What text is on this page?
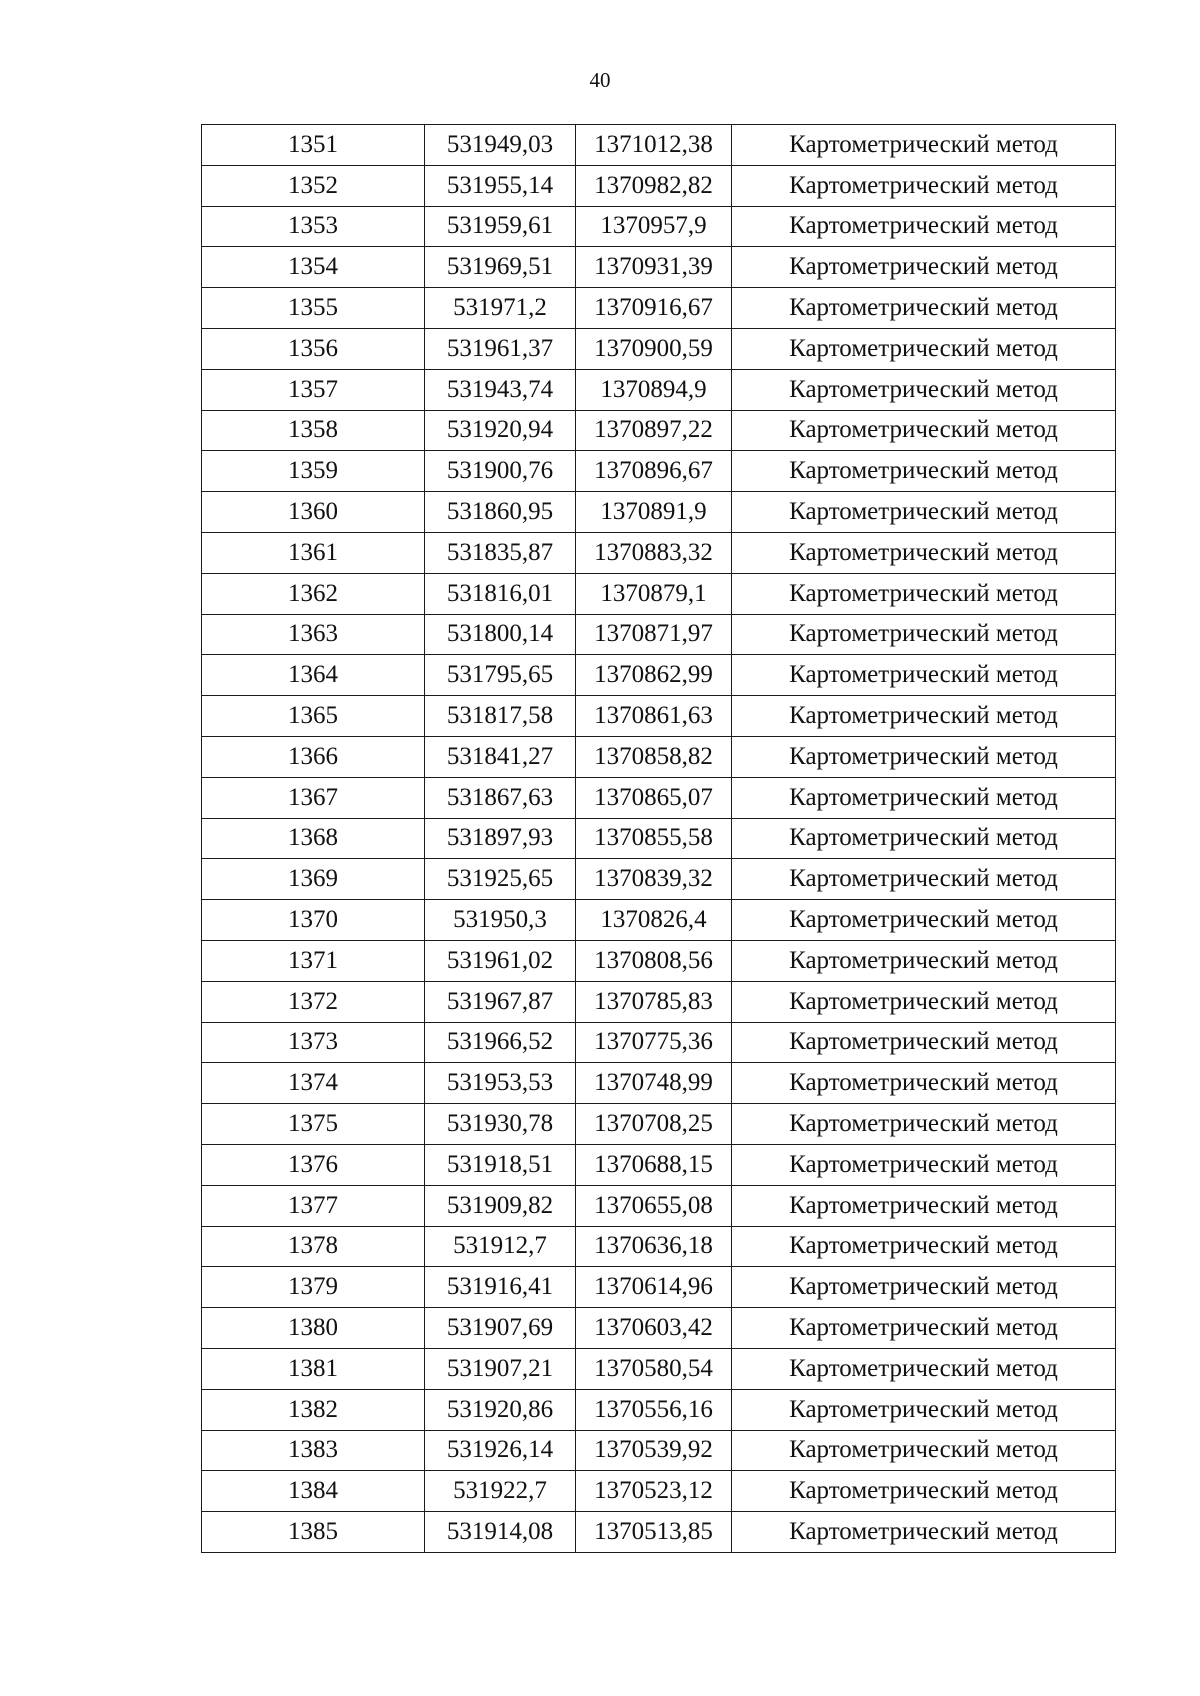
40
1351	531949,03	1371012,38	Картометрический метод
1352	531955,14	1370982,82	Картометрический метод
1353	531959,61	1370957,9	Картометрический метод
1354	531969,51	1370931,39	Картометрический метод
1355	531971,2	1370916,67	Картометрический метод
1356	531961,37	1370900,59	Картометрический метод
1357	531943,74	1370894,9	Картометрический метод
1358	531920,94	1370897,22	Картометрический метод
1359	531900,76	1370896,67	Картометрический метод
1360	531860,95	1370891,9	Картометрический метод
1361	531835,87	1370883,32	Картометрический метод
1362	531816,01	1370879,1	Картометрический метод
1363	531800,14	1370871,97	Картометрический метод
1364	531795,65	1370862,99	Картометрический метод
1365	531817,58	1370861,63	Картометрический метод
1366	531841,27	1370858,82	Картометрический метод
1367	531867,63	1370865,07	Картометрический метод
1368	531897,93	1370855,58	Картометрический метод
1369	531925,65	1370839,32	Картометрический метод
1370	531950,3	1370826,4	Картометрический метод
1371	531961,02	1370808,56	Картометрический метод
1372	531967,87	1370785,83	Картометрический метод
1373	531966,52	1370775,36	Картометрический метод
1374	531953,53	1370748,99	Картометрический метод
1375	531930,78	1370708,25	Картометрический метод
1376	531918,51	1370688,15	Картометрический метод
1377	531909,82	1370655,08	Картометрический метод
1378	531912,7	1370636,18	Картометрический метод
1379	531916,41	1370614,96	Картометрический метод
1380	531907,69	1370603,42	Картометрический метод
1381	531907,21	1370580,54	Картометрический метод
1382	531920,86	1370556,16	Картометрический метод
1383	531926,14	1370539,92	Картометрический метод
1384	531922,7	1370523,12	Картометрический метод
1385	531914,08	1370513,85	Картометрический метод
